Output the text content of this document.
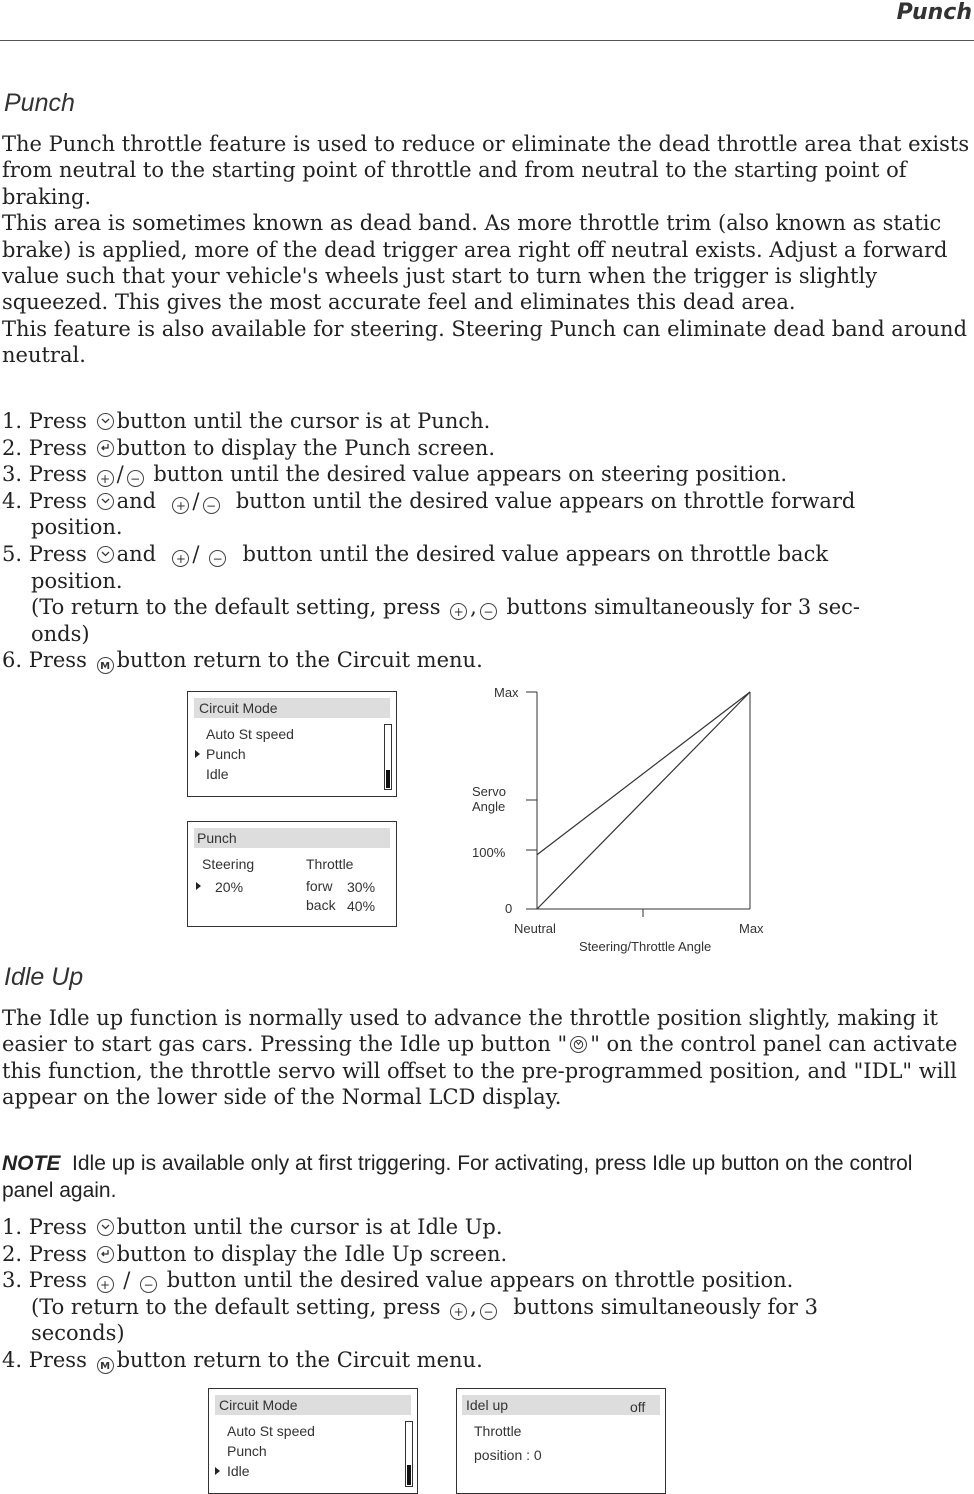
Punch
Punch

The Punch throttle feature is used to reduce or eliminate the dead throttle area that exists from neutral to the starting point of throttle and from neutral to the starting point of braking.

This area is sometimes known as dead band. As more throttle trim (also known as static brake) is applied, more of the dead trigger area right off neutral exists. Adjust a forward value such that your vehicle's wheels just start to turn when the trigger is slightly squeezed. This gives the most accurate feel and eliminates this dead area.

This feature is also available for steering. Steering Punch can eliminate dead band around neutral.

1. Press button until the cursor is at Punch.
2. Press button to display the Punch screen.
3. Press + / − button until the desired value appears on steering position.
4. Press and + / − button until the desired value appears on throttle forward
position.
5. Press and + / − button until the desired value appears on throttle back
position.
(To return to the default setting, press + , − buttons simultaneously for 3 sec-
onds)
6. Press M button return to the Circuit menu.
Circuit Mode
Auto St speed
Punch
Idle
Punch
Steering	Throttle
20%	forw 30%
back 40%
Max
Servo
Angle
100%
0
Neutral	Max
Steering/Throttle Angle
Idle Up
The Idle up function is normally used to advance the throttle position slightly, making it easier to start gas cars. Pressing the Idle up button " " on the control panel can activate this function, the throttle servo will offset to the pre-programmed position, and "IDL" will appear on the lower side of the Normal LCD display.
NOTE Idle up is available only at first triggering. For activating, press Idle up button on the control panel again.
1. Press button until the cursor is at Idle Up.
2. Press button to display the Idle Up screen.
3. Press + / − button until the desired value appears on throttle position.
(To return to the default setting, press + , − buttons simultaneously for 3
seconds)
4. Press M button return to the Circuit menu.
Circuit Mode
Auto St speed
Punch
Idle
Idel up	off
Throttle
position : 0
